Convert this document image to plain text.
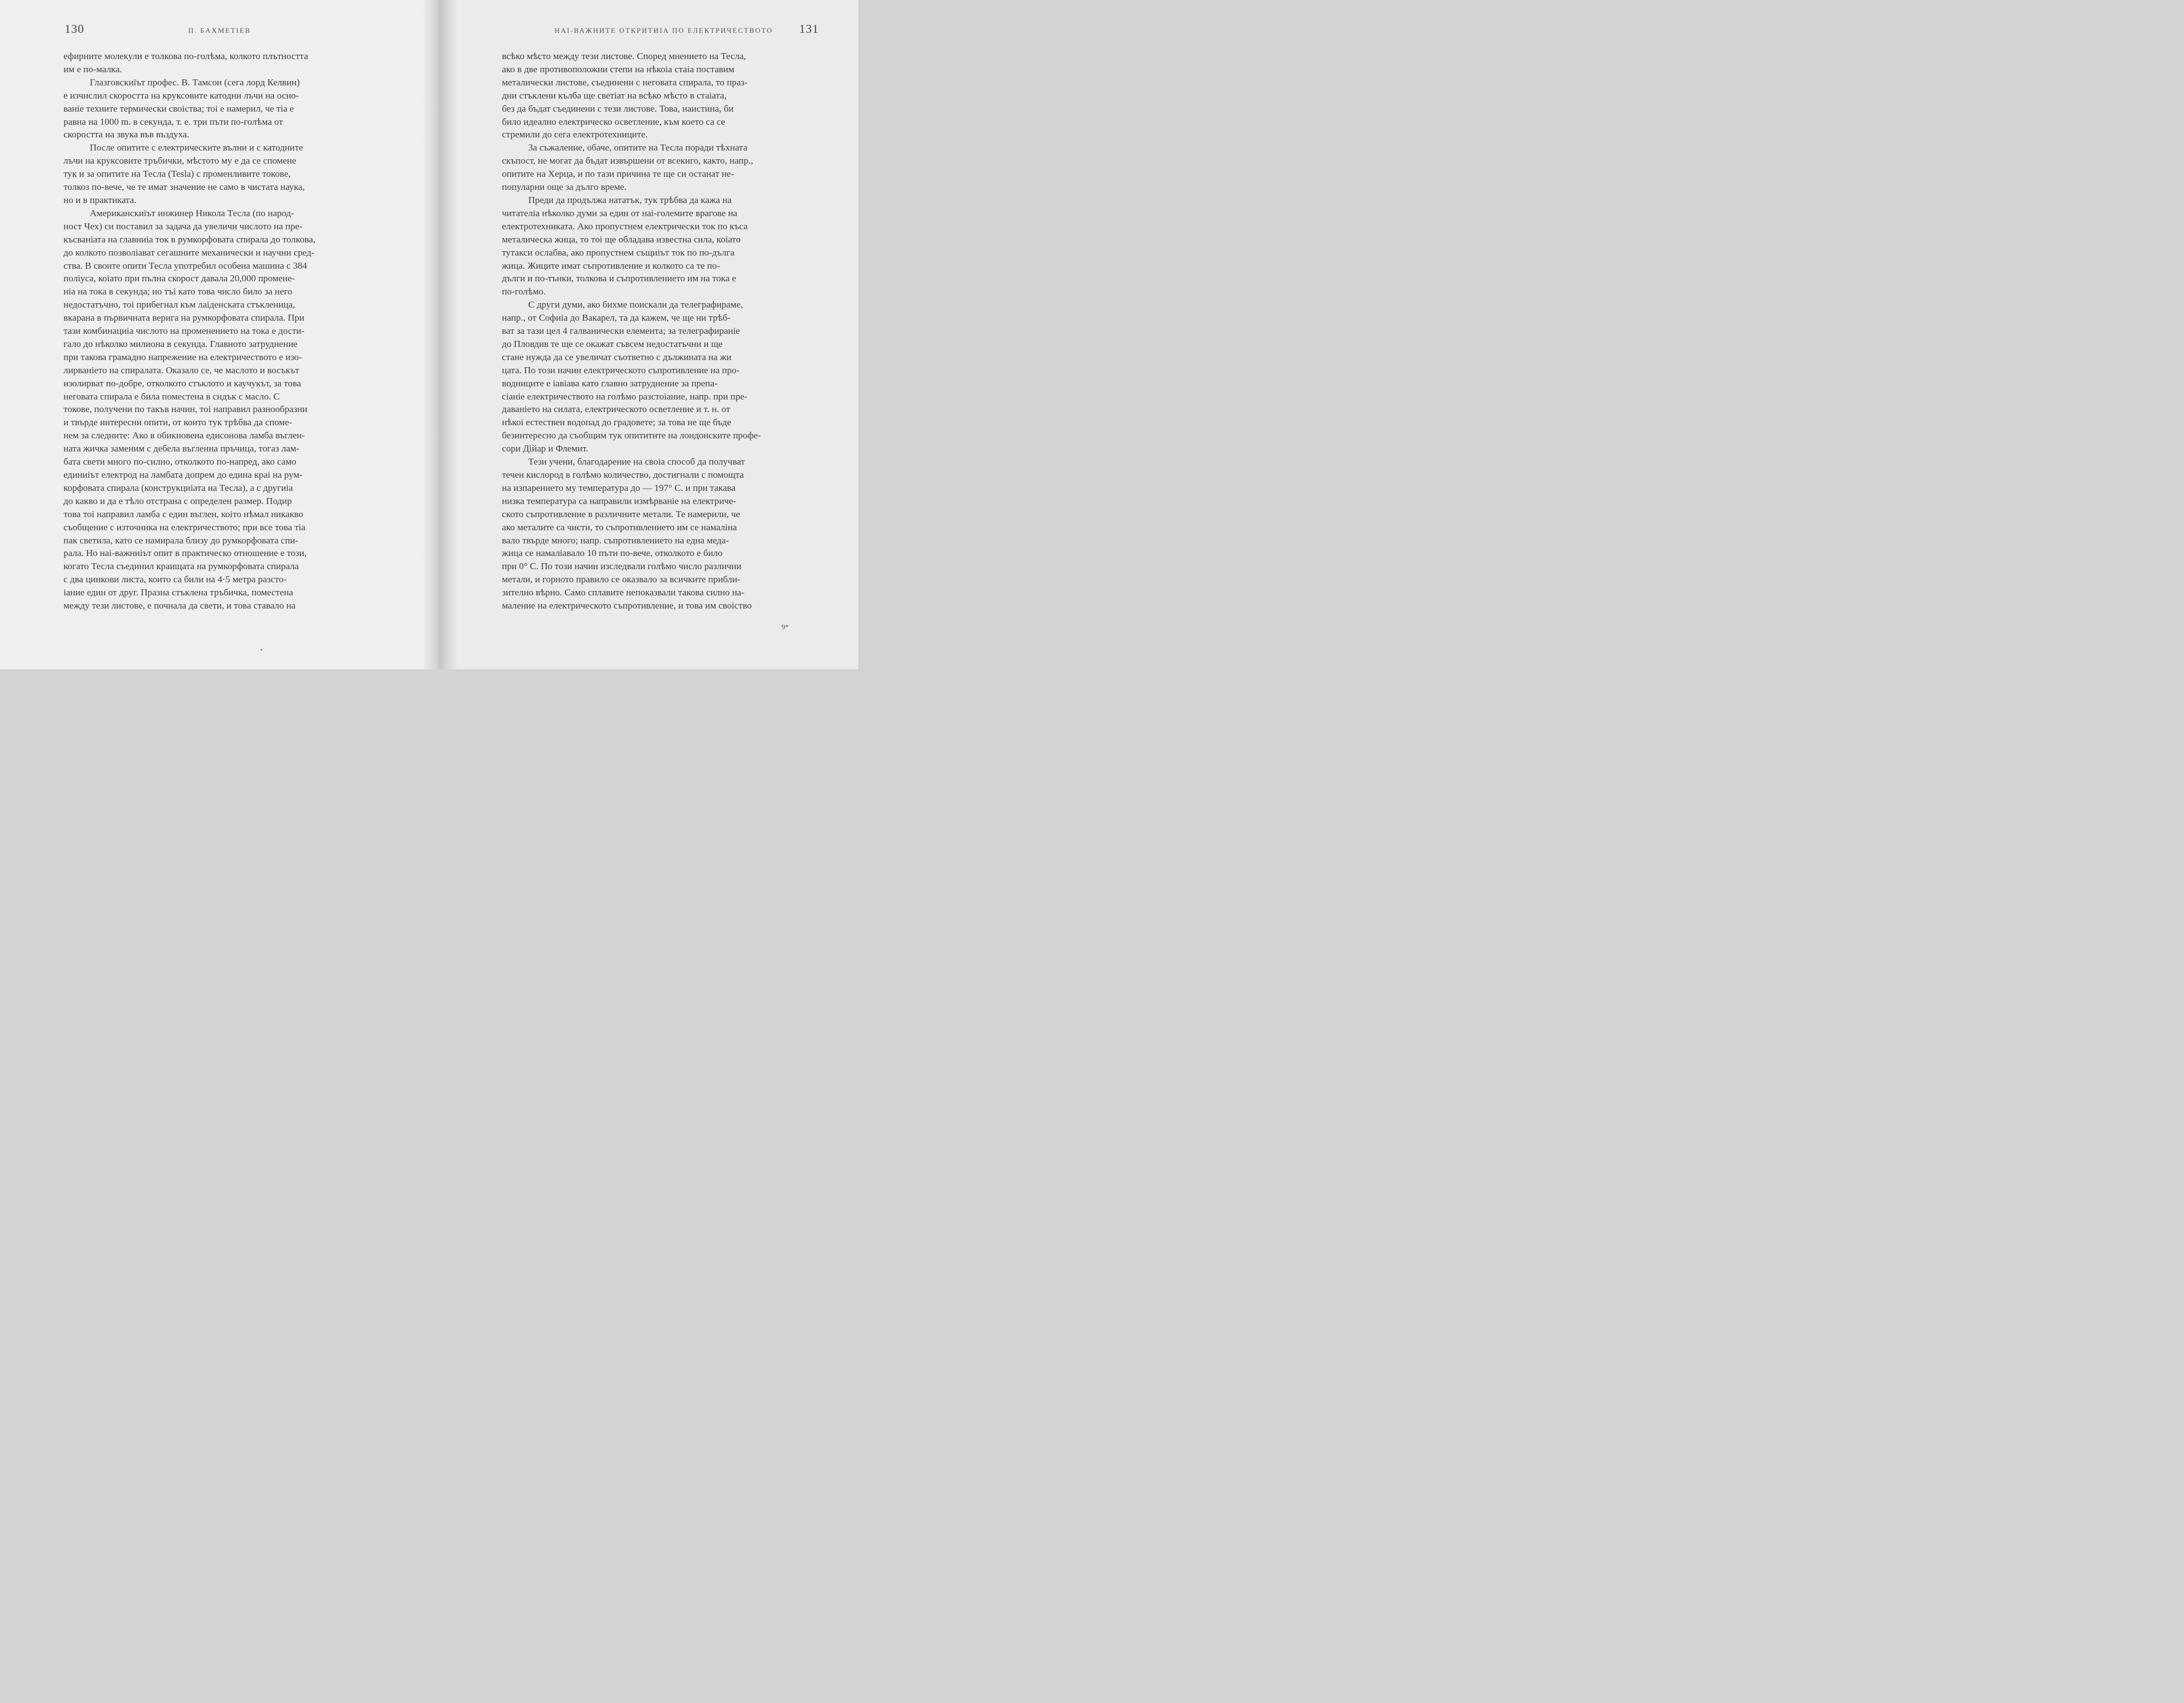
130	П. БАХМЕТІЕВ

ефирните молекули е толкова по-голѣма, колкото плътността
им е по-малка.

Глазговскиїът профес. В. Тамсон (сега лорд Келвин)
е изчислил скоростта на круксовите катодни лъчи на осно-
ваніе техните термически своіства; тоі е намерил, че тіа е
равна на 1000 m. в секунда, т. е. три пъти по-голѣма от
скоростта на звука във въздуха.

После опитите с електрическите вълни и с катодните
лъчи на круксовите тръбички, мѣстото му е да се спомене
тук и за опитите на Тесла (Tesla) с променливите токове,
толкоз по-вече, че те имат значение не само в чистата наука,
но и в практиката.

Американскиїът инжинер Никола Тесла (по народ-
ност Чех) си поставил за задача да увеличи числото на пре-
късваніата на главниіа ток в румкорфовата спирала до толкова,
до колкото позволіават сегашните механически и научни сред-
ства. В своите опити Тесла употребил особена машина с 384
поліуса, коіато при пълна скорост давала 20,000 промене-
ніа на тока в секунда; но тъі като това число било за него
недостатъчно, тоі прибегнал към лаіденската стъкленица,
вкарана в първичната верига на румкорфовата спирала. При
тази комбинациіа числото на променението на тока е дости-
гало до нѣколко милиона в секунда. Главното затруднение
при такова грамадно напрежение на електричеството е изо-
лирваніето на спиралата. Оказало се, че маслото и восъкът
изолирват по-добре, отколкото стъклото и каучукът, за това
неговата спирала е била поместена в сндък с масло. С
токове, получени по такъв начин, тоі направил разнообразни
и твърде интересни опити, от които тук трѣбва да споме-
нем за следните: Ако в обикновена едисонова ламба въглен-
ната жичка заменим с дебела въгленна пръчица, тогаз лам-
бата свети много по-силно, отколкото по-напред, ако само
единиіът електрод на ламбата допрем до едина краі на рум-
корфовата спирала (конструкциіата на Тесла), а с другиіа
до какво и да е тѣло отстрана с определен размер. Подир
това тоі направил ламба с един въглен, коіто нѣмал никакво
съобщение с източника на електричеството; при все това тіа
пак светила, като се намирала близу до румкорфовата спи-
рала. Но наі-важниіът опит в практическо отношение е този,
когато Тесла съединил краищата на румкорфовата спирала
с два цинкови листа, които са били на 4·5 метра разсто-
іание един от друг. Празна стъклена тръбичка, поместена
между тези листове, е почнала да свети, и това ставало на

НАІ-ВАЖНИТЕ ОТКРИТИІА ПО ЕЛЕКТРИЧЕСТВОТО 131

всѣко мѣсто между тези листове. Според мнението на Тесла,
ако в две противоположни степи на нѣкоіа стаіа поставим
металически листове, съединени с неговата спирала, то праз-
дни стъклени кълба ще светіат на всѣко мѣсто в стаіата,
без да бъдат съединени с тези листове. Това, наистина, би
било идеално електрическо осветление, към което са се
стремили до сега електротехниците.

За съжаление, обаче, опитите на Тесла поради тѣхната
скъпост, не могат да бъдат извършени от всекиго, както, напр.,
опитите на Херца, и по тази причина те ще си останат не-
популарни още за дълго време.

Преди да продължа нататък, тук трѣбва да кажа на
читателіа нѣколко думи за един от наі-големите врагове на
електротехниката. Ако пропустнем електрически ток по къса
металическа жица, то тоі ще обладава известна сила, коіато
тутакси ослабва, ако пропустнем същиіът ток по по-дълга
жица. Жиците имат съпротивление и колкото са те по-
дълги и по-тънки, толкова и съпротивлението им на тока е
по-голѣмо.

С други думи, ако бихме поискали да телеграфираме,
напр., от Софиіа до Вакарел, та да кажем, че ще ни трѣб-
ват за тази цел 4 галванически елемента; за телеграфираніе
до Пловдив те ще се окажат съвсем недостатъчни и ще
стане нужда да се увеличат съответно с дължината на жи
цата. По този начин електрическото съпротивление на про-
водниците е іавіава като главно затруднение за препа-
сіаніе електричеството на голѣмо разстоіание, напр. при пре-
даваніето на силата, електрическото осветление и т. н. от
нѣкоі естествен водопад до градовете; за това не ще бъде
безинтересно да съобщим тук опититите на лондонските профе-
сори Дійар и Флемит.

Тези учени, благодарение на своіа способ да получват
течен кислород в голѣмо количество, достигнали с помощта
на изпарението му температура до — 197° С. и при такава
низка температура са направили измѣрваніе на електриче-
ското съпротивление в различните метали. Те намерили, че
ако металите са чисти, то съпротивлението им се намаліна
вало твърде много; напр. съпротивлението на една меда-
жица се намаліавало 10 пъти по-вече, отколкото е било
при 0° С. По този начин изследвали голѣмо число различни
метали, и горното правило се оказвало за всичките прибли-
зително вѣрно. Само сплавите непоказвали такова силно на-
маление на електрическото съпротивление, и това им своіство

9*
